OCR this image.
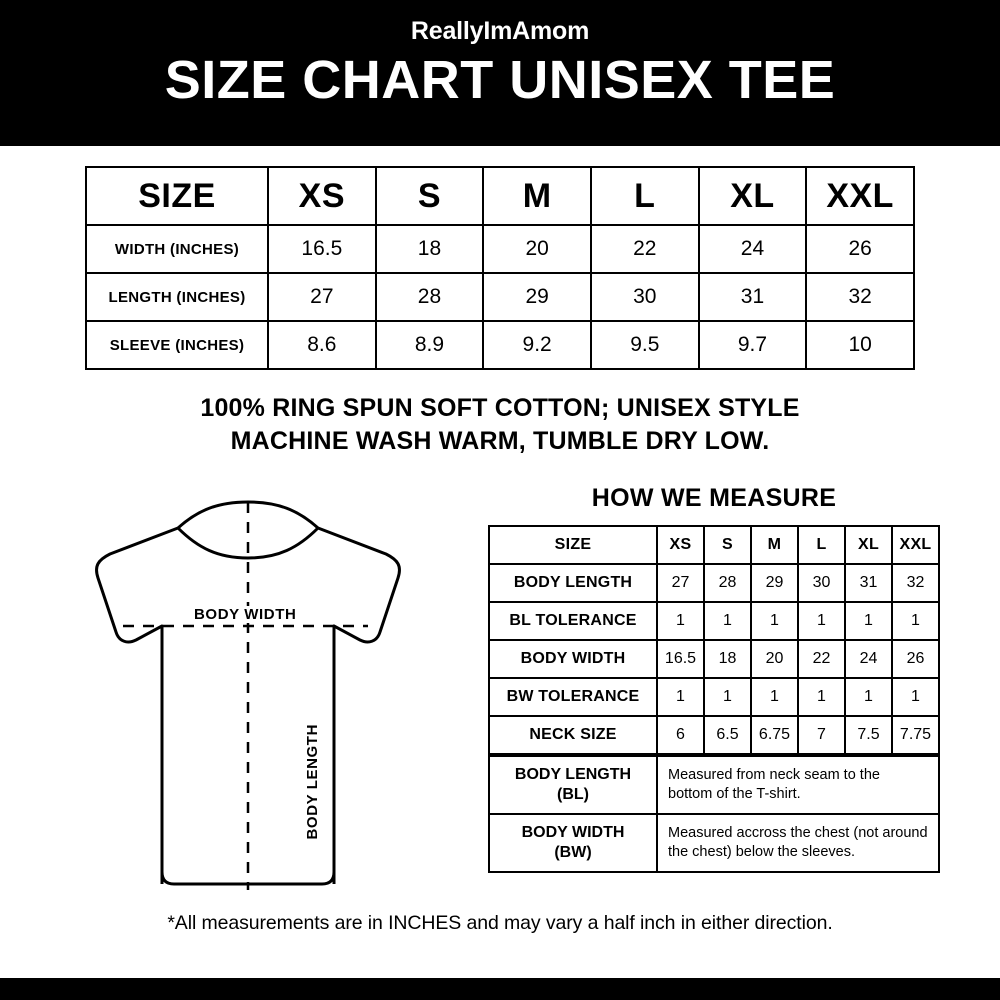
ReallyImAmom
SIZE CHART UNISEX TEE
SIZE	XS	S	M	L	XL	XXL
WIDTH (INCHES)	16.5	18	20	22	24	26
LENGTH (INCHES)	27	28	29	30	31	32
SLEEVE (INCHES)	8.6	8.9	9.2	9.5	9.7	10
100% RING SPUN SOFT COTTON; UNISEX STYLE
MACHINE WASH WARM, TUMBLE DRY LOW.
BODY WIDTH
BODY LENGTH
HOW WE MEASURE
SIZE	XS	S	M	L	XL	XXL
BODY LENGTH	27	28	29	30	31	32
BL TOLERANCE	1	1	1	1	1	1
BODY WIDTH	16.5	18	20	22	24	26
BW TOLERANCE	1	1	1	1	1	1
NECK SIZE	6	6.5	6.75	7	7.5	7.75
BODY LENGTH
(BL)	Measured from neck seam to the bottom of the T-shirt.
BODY WIDTH
(BW)	Measured accross the chest (not around the chest) below the sleeves.
*All measurements are in INCHES and may vary a half inch in either direction.
